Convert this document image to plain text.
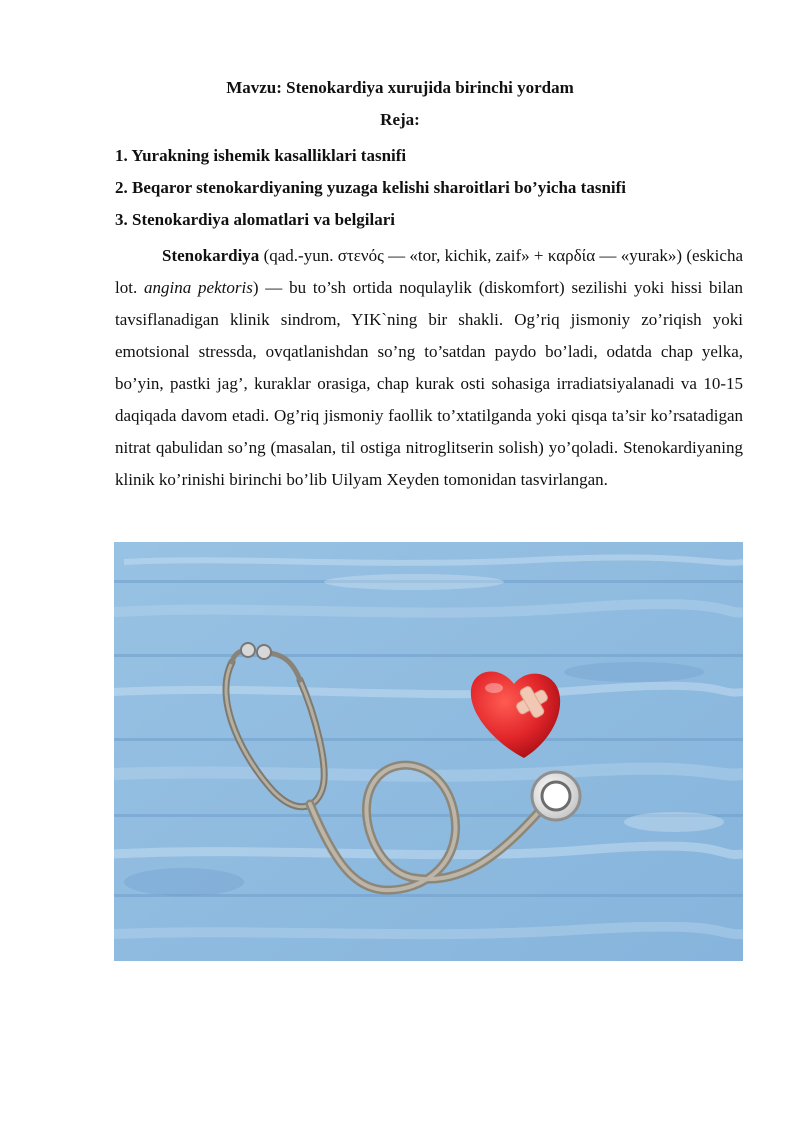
Mavzu: Stenokardiya xurujida birinchi yordam
Reja:
1. Yurakning ishemik kasalliklari tasnifi
2. Beqaror stenokardiyaning yuzaga kelishi sharoitlari bo’yicha tasnifi
3. Stenokardiya alomatlari va belgilari

Stenokardiya (qad.-yun. στενός — «tor, kichik, zaif» + καρδία — «yurak») (eskicha lot. angina pektoris) — bu to’sh ortida noqulaylik (diskomfort) sezilishi yoki hissi bilan tavsiflanadigan klinik sindrom, YIK`ning bir shakli. Og’riq jismoniy zo’riqish yoki emotsional stressda, ovqatlanishdan so’ng to’satdan paydo bo’ladi, odatda chap yelka, bo’yin, pastki jag’, kuraklar orasiga, chap kurak osti sohasiga irradiatsiyalanadi va 10-15 daqiqada davom etadi. Og’riq jismoniy faollik to’xtatilganda yoki qisqa ta’sir ko’rsatadigan nitrat qabulidan so’ng (masalan, til ostiga nitroglitserin solish) yo’qoladi. Stenokardiyaning klinik ko’rinishi birinchi bo’lib Uilyam Xeyden tomonidan tasvirlangan.
